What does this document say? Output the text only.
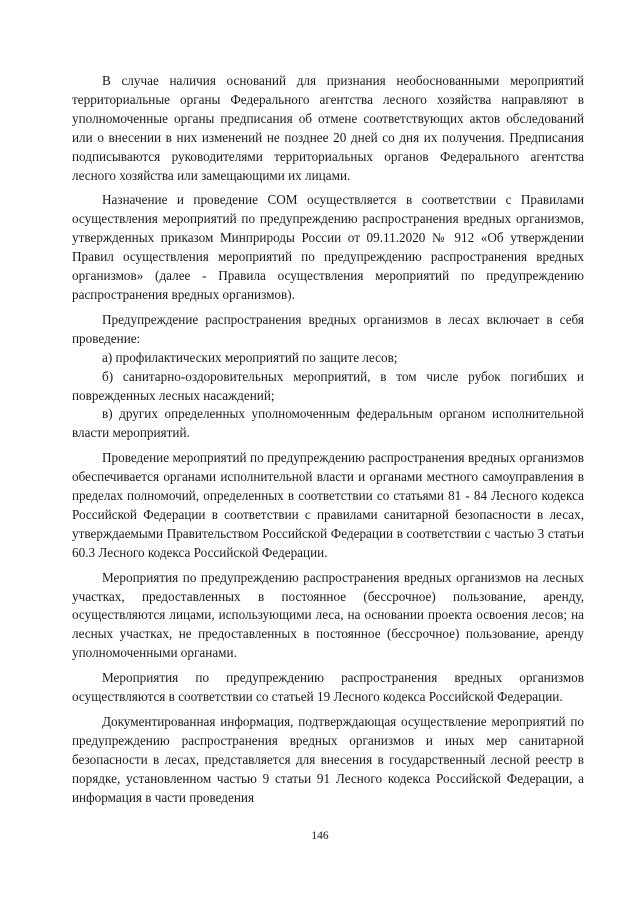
В случае наличия оснований для признания необоснованными мероприятий территориальные органы Федерального агентства лесного хозяйства направляют в уполномоченные органы предписания об отмене соответствующих актов обследований или о внесении в них изменений не позднее 20 дней со дня их получения. Предписания подписываются руководителями территориальных органов Федерального агентства лесного хозяйства или замещающими их лицами.

Назначение и проведение СОМ осуществляется в соответствии с Правилами осуществления мероприятий по предупреждению распространения вредных организмов, утвержденных приказом Минприроды России от 09.11.2020 № 912 «Об утверждении Правил осуществления мероприятий по предупреждению распространения вредных организмов» (далее - Правила осуществления мероприятий по предупреждению распространения вредных организмов).

Предупреждение распространения вредных организмов в лесах включает в себя проведение:

а) профилактических мероприятий по защите лесов;

б) санитарно-оздоровительных мероприятий, в том числе рубок погибших и поврежденных лесных насаждений;

в) других определенных уполномоченным федеральным органом исполнительной власти мероприятий.

Проведение мероприятий по предупреждению распространения вредных организмов обеспечивается органами исполнительной власти и органами местного самоуправления в пределах полномочий, определенных в соответствии со статьями 81 - 84 Лесного кодекса Российской Федерации в соответствии с правилами санитарной безопасности в лесах, утверждаемыми Правительством Российской Федерации в соответствии с частью 3 статьи 60.3 Лесного кодекса Российской Федерации.

Мероприятия по предупреждению распространения вредных организмов на лесных участках, предоставленных в постоянное (бессрочное) пользование, аренду, осуществляются лицами, использующими леса, на основании проекта освоения лесов; на лесных участках, не предоставленных в постоянное (бессрочное) пользование, аренду уполномоченными органами.

Мероприятия по предупреждению распространения вредных организмов осуществляются в соответствии со статьей 19 Лесного кодекса Российской Федерации.

Документированная информация, подтверждающая осуществление мероприятий по предупреждению распространения вредных организмов и иных мер санитарной безопасности в лесах, представляется для внесения в государственный лесной реестр в порядке, установленном частью 9 статьи 91 Лесного кодекса Российской Федерации, а информация в части проведения

146
